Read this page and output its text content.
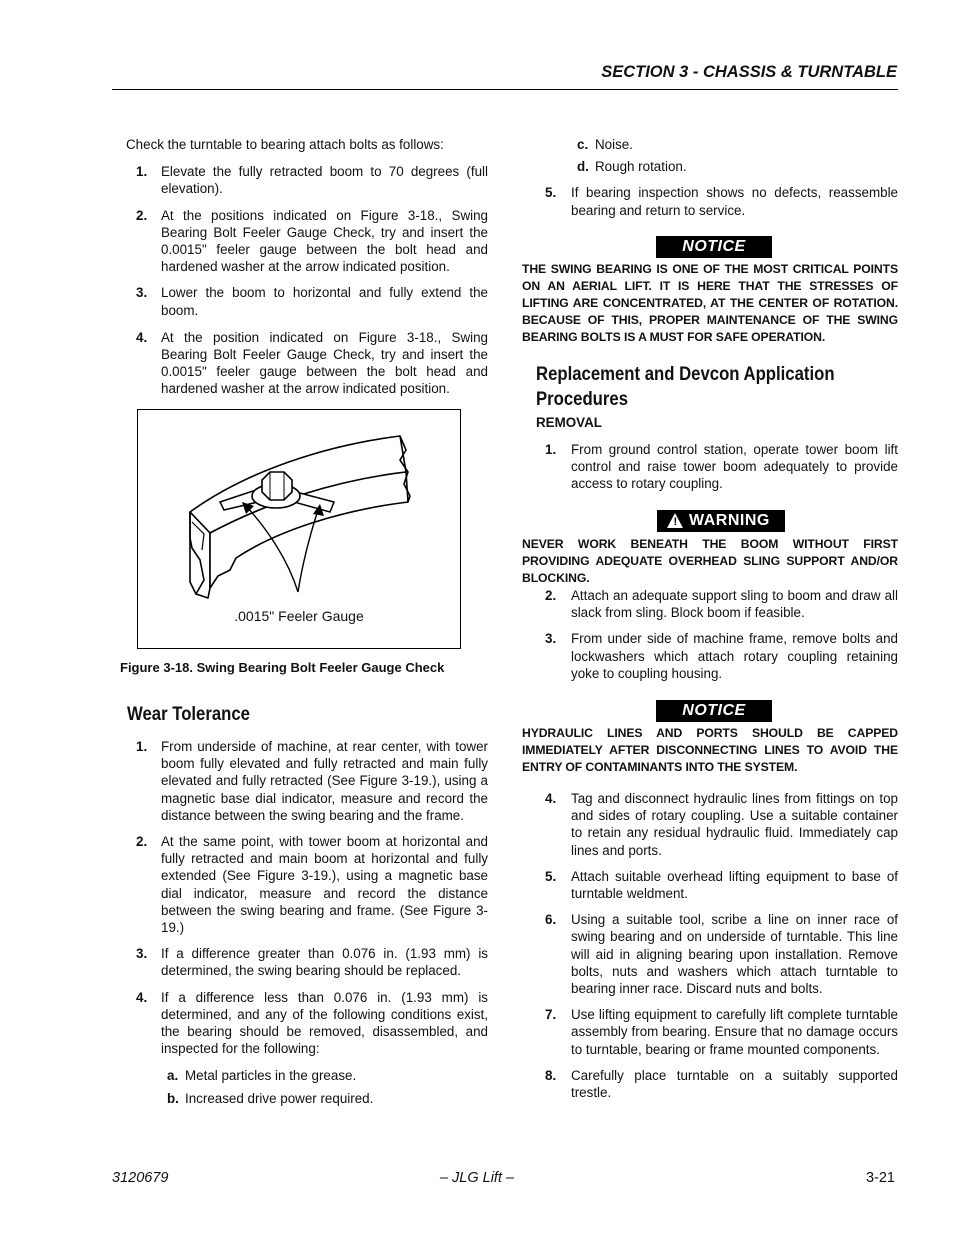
SECTION 3 - CHASSIS & TURNTABLE

Check the turntable to bearing attach bolts as follows:

1. Elevate the fully retracted boom to 70 degrees (full elevation).
2. At the positions indicated on Figure 3-18., Swing Bearing Bolt Feeler Gauge Check, try and insert the 0.0015" feeler gauge between the bolt head and hardened washer at the arrow indicated position.
3. Lower the boom to horizontal and fully extend the boom.
4. At the position indicated on Figure 3-18., Swing Bearing Bolt Feeler Gauge Check, try and insert the 0.0015" feeler gauge between the bolt head and hardened washer at the arrow indicated position.
.0015" Feeler Gauge
Figure 3-18. Swing Bearing Bolt Feeler Gauge Check
Wear Tolerance
1. From underside of machine, at rear center, with tower boom fully elevated and fully retracted and main fully elevated and fully retracted (See Figure 3-19.), using a magnetic base dial indicator, measure and record the distance between the swing bearing and the frame.
2. At the same point, with tower boom at horizontal and fully retracted and main boom at horizontal and fully extended (See Figure 3-19.), using a magnetic base dial indicator, measure and record the distance between the swing bearing and frame. (See Figure 3-19.)
3. If a difference greater than 0.076 in. (1.93 mm) is determined, the swing bearing should be replaced.
4. If a difference less than 0.076 in. (1.93 mm) is determined, and any of the following conditions exist, the bearing should be removed, disassembled, and inspected for the following:
a. Metal particles in the grease.
b. Increased drive power required.
c. Noise.
d. Rough rotation.
5. If bearing inspection shows no defects, reassemble bearing and return to service.
NOTICE
THE SWING BEARING IS ONE OF THE MOST CRITICAL POINTS ON AN AERIAL LIFT. IT IS HERE THAT THE STRESSES OF LIFTING ARE CONCENTRATED, AT THE CENTER OF ROTATION. BECAUSE OF THIS, PROPER MAINTENANCE OF THE SWING BEARING BOLTS IS A MUST FOR SAFE OPERATION.
Replacement and Devcon Application
Procedures
REMOVAL
1. From ground control station, operate tower boom lift control and raise tower boom adequately to provide access to rotary coupling.
! WARNING
NEVER WORK BENEATH THE BOOM WITHOUT FIRST PROVIDING ADEQUATE OVERHEAD SLING SUPPORT AND/OR BLOCKING.
2. Attach an adequate support sling to boom and draw all slack from sling. Block boom if feasible.
3. From under side of machine frame, remove bolts and lockwashers which attach rotary coupling retaining yoke to coupling housing.
NOTICE
HYDRAULIC LINES AND PORTS SHOULD BE CAPPED IMMEDIATELY AFTER DISCONNECTING LINES TO AVOID THE ENTRY OF CONTAMINANTS INTO THE SYSTEM.
4. Tag and disconnect hydraulic lines from fittings on top and sides of rotary coupling. Use a suitable container to retain any residual hydraulic fluid. Immediately cap lines and ports.
5. Attach suitable overhead lifting equipment to base of turntable weldment.
6. Using a suitable tool, scribe a line on inner race of swing bearing and on underside of turntable. This line will aid in aligning bearing upon installation. Remove bolts, nuts and washers which attach turntable to bearing inner race. Discard nuts and bolts.
7. Use lifting equipment to carefully lift complete turntable assembly from bearing. Ensure that no damage occurs to turntable, bearing or frame mounted components.
8. Carefully place turntable on a suitably supported trestle.
3120679	– JLG Lift –	3-21
